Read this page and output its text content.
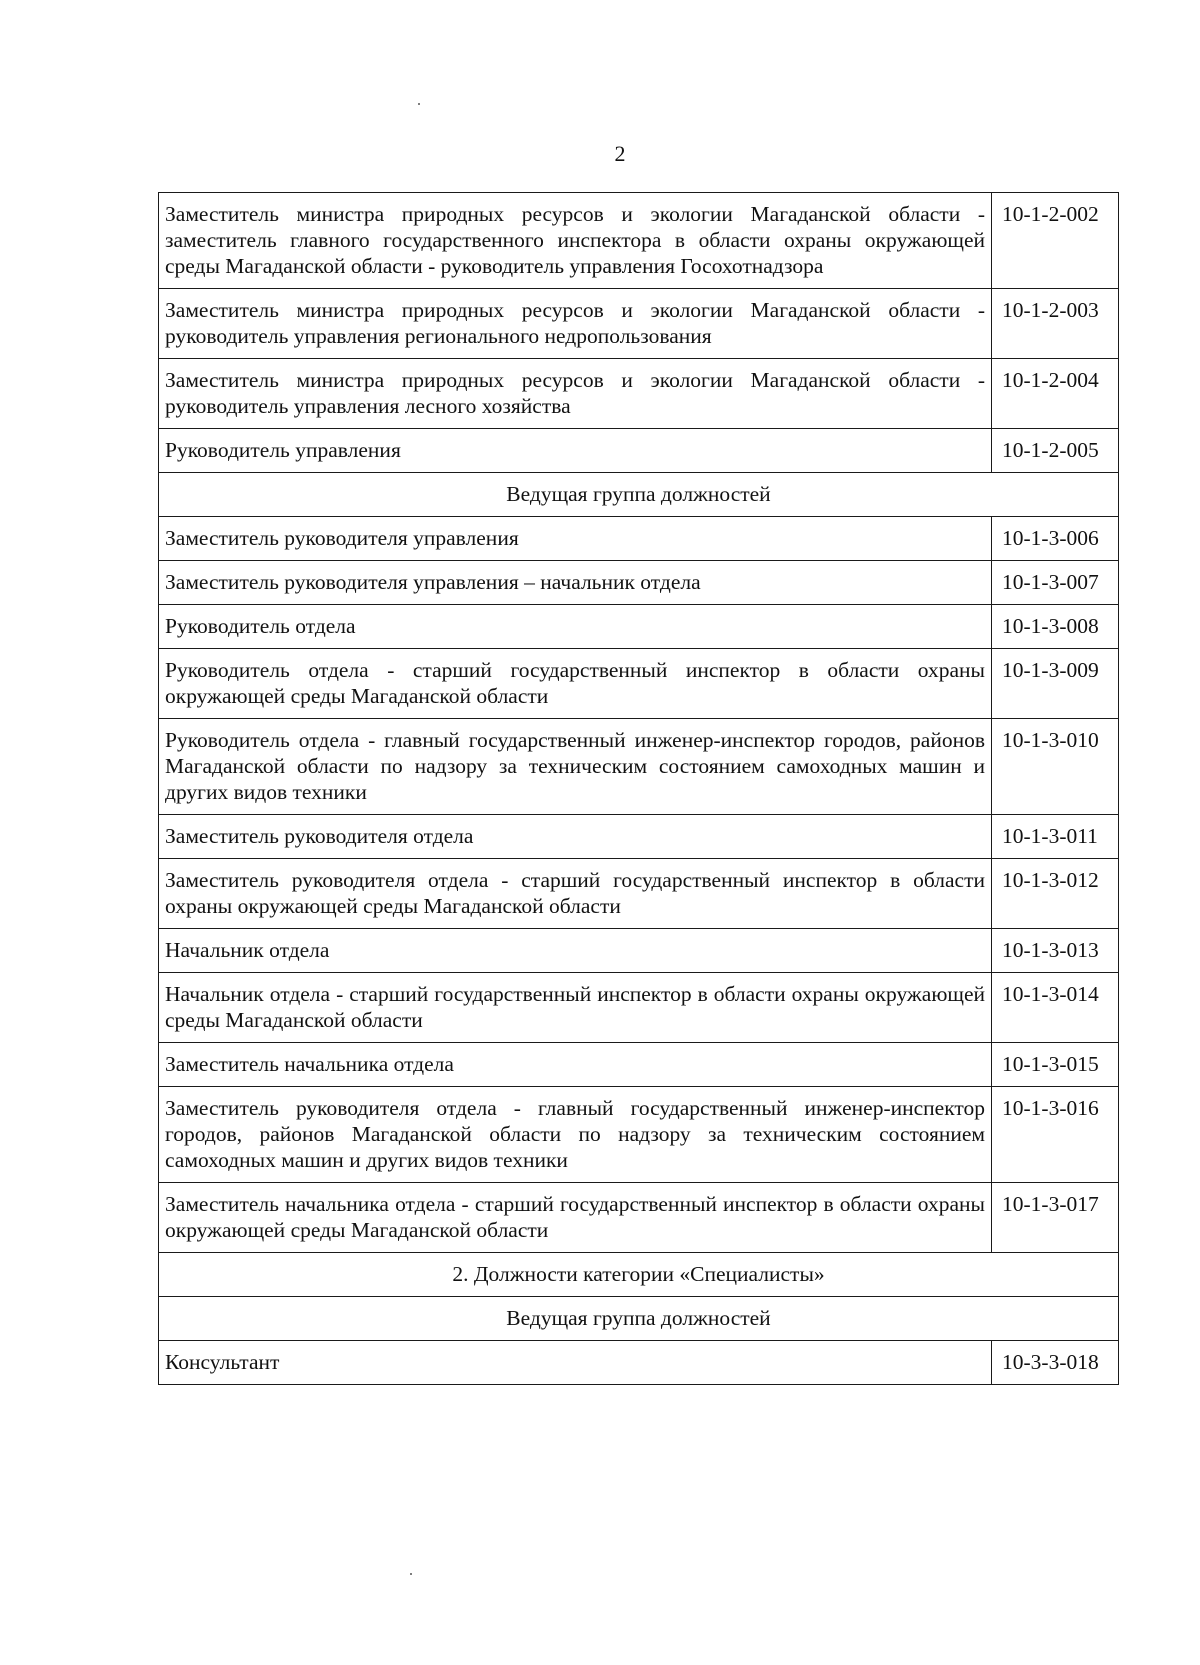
2
Заместитель министра природных ресурсов и экологии Магаданской области - заместитель главного государственного инспектора в области охраны окружающей среды Магаданской области - руководитель управления Госохотнадзора	10-1-2-002
Заместитель министра природных ресурсов и экологии Магаданской области - руководитель управления регионального недропользования	10-1-2-003
Заместитель министра природных ресурсов и экологии Магаданской области - руководитель управления лесного хозяйства	10-1-2-004
Руководитель управления	10-1-2-005
Ведущая группа должностей	
Заместитель руководителя управления	10-1-3-006
Заместитель руководителя управления – начальник отдела	10-1-3-007
Руководитель отдела	10-1-3-008
Руководитель отдела - старший государственный инспектор в области охраны окружающей среды Магаданской области	10-1-3-009
Руководитель отдела - главный государственный инженер-инспектор городов, районов Магаданской области по надзору за техническим состоянием самоходных машин и других видов техники	10-1-3-010
Заместитель руководителя отдела	10-1-3-011
Заместитель руководителя отдела - старший государственный инспектор в области охраны окружающей среды Магаданской области	10-1-3-012
Начальник отдела	10-1-3-013
Начальник отдела - старший государственный инспектор в области охраны окружающей среды Магаданской области	10-1-3-014
Заместитель начальника отдела	10-1-3-015
Заместитель руководителя отдела - главный государственный инженер-инспектор городов, районов Магаданской области по надзору за техническим состоянием самоходных машин и других видов техники	10-1-3-016
Заместитель начальника отдела - старший государственный инспектор в области охраны окружающей среды Магаданской области	10-1-3-017
2. Должности категории «Специалисты»	
Ведущая группа должностей	
Консультант	10-3-3-018
